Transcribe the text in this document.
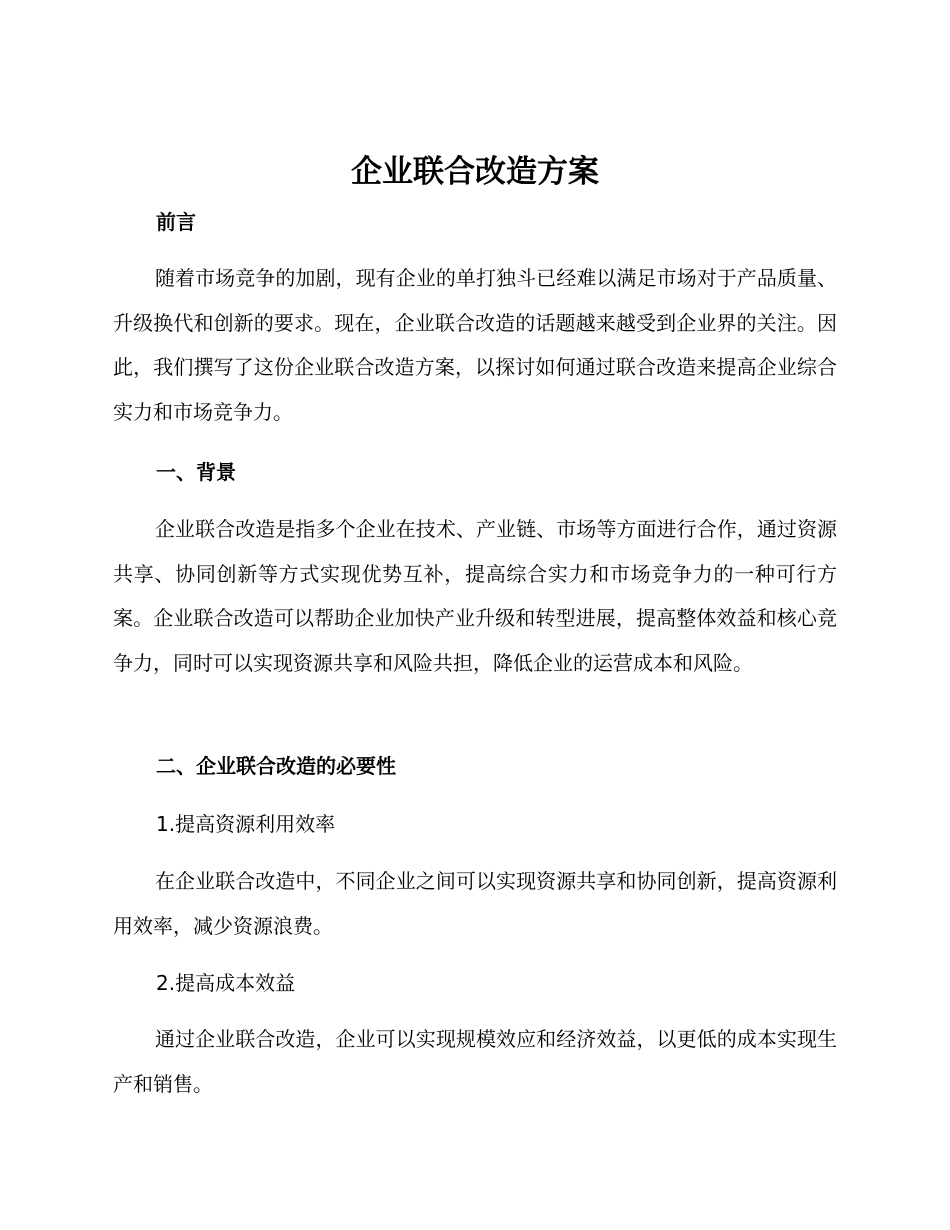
企业联合改造方案
前言
随着市场竞争的加剧，现有企业的单打独斗已经难以满足市场对于产品质量、升级换代和创新的要求。现在，企业联合改造的话题越来越受到企业界的关注。因此，我们撰写了这份企业联合改造方案，以探讨如何通过联合改造来提高企业综合实力和市场竞争力。
一、背景
企业联合改造是指多个企业在技术、产业链、市场等方面进行合作，通过资源共享、协同创新等方式实现优势互补，提高综合实力和市场竞争力的一种可行方案。企业联合改造可以帮助企业加快产业升级和转型进展，提高整体效益和核心竞争力，同时可以实现资源共享和风险共担，降低企业的运营成本和风险。
二、企业联合改造的必要性
1.提高资源利用效率
在企业联合改造中，不同企业之间可以实现资源共享和协同创新，提高资源利用效率，减少资源浪费。
2.提高成本效益
通过企业联合改造，企业可以实现规模效应和经济效益，以更低的成本实现生产和销售。
